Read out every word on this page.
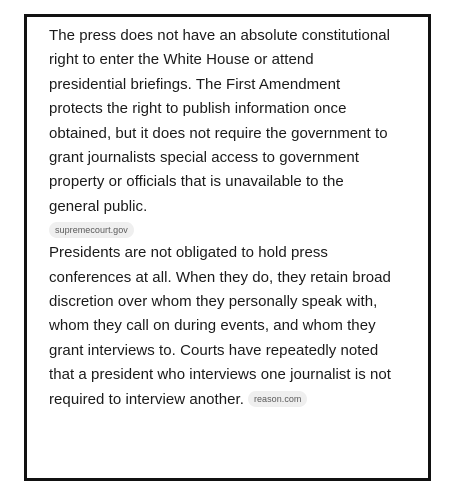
The press does not have an absolute constitutional right to enter the White House or attend presidential briefings. The First Amendment protects the right to publish information once obtained, but it does not require the government to grant journalists special access to government property or officials that is unavailable to the general public.

supremecourt.gov

Presidents are not obligated to hold press conferences at all. When they do, they retain broad discretion over whom they personally speak with, whom they call on during events, and whom they grant interviews to. Courts have repeatedly noted that a president who interviews one journalist is not required to interview another. reason.com
